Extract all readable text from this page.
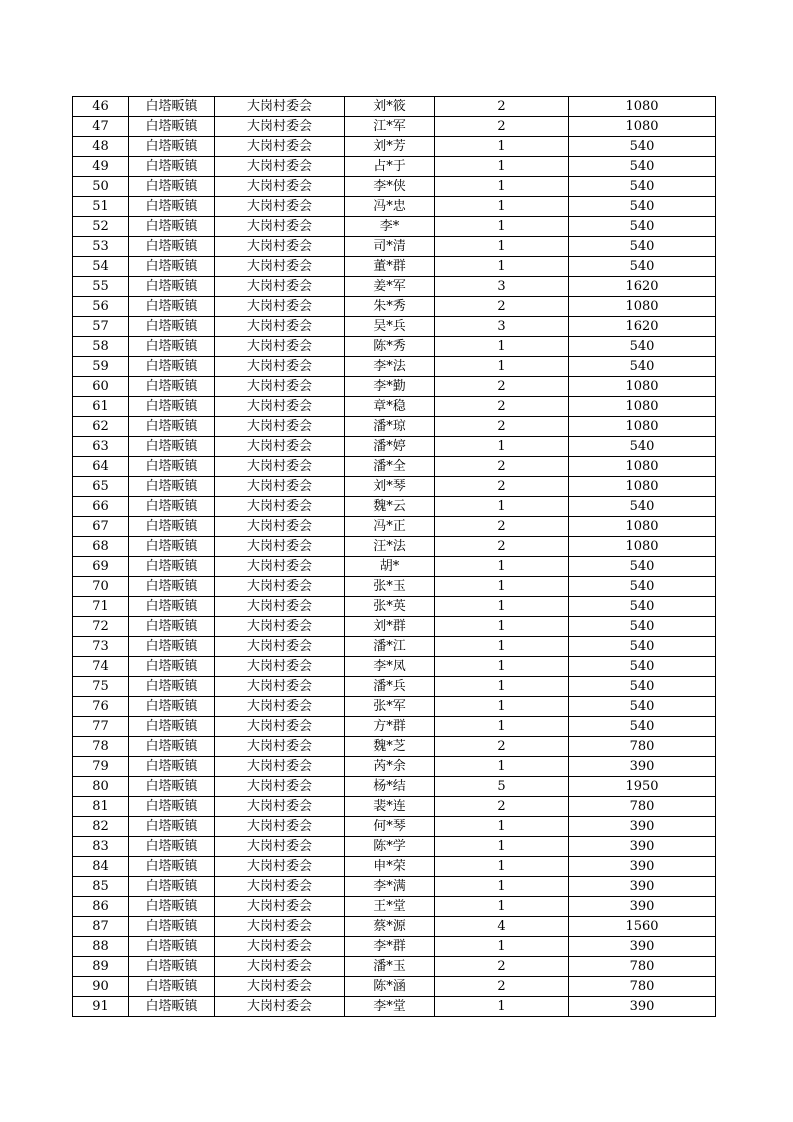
46	白塔畈镇	大岗村委会	刘*筱	2	1080
47	白塔畈镇	大岗村委会	江*军	2	1080
48	白塔畈镇	大岗村委会	刘*芳	1	540
49	白塔畈镇	大岗村委会	占*于	1	540
50	白塔畈镇	大岗村委会	李*侠	1	540
51	白塔畈镇	大岗村委会	冯*忠	1	540
52	白塔畈镇	大岗村委会	李*	1	540
53	白塔畈镇	大岗村委会	司*清	1	540
54	白塔畈镇	大岗村委会	董*群	1	540
55	白塔畈镇	大岗村委会	姜*军	3	1620
56	白塔畈镇	大岗村委会	朱*秀	2	1080
57	白塔畈镇	大岗村委会	吴*兵	3	1620
58	白塔畈镇	大岗村委会	陈*秀	1	540
59	白塔畈镇	大岗村委会	李*法	1	540
60	白塔畈镇	大岗村委会	李*勤	2	1080
61	白塔畈镇	大岗村委会	章*稳	2	1080
62	白塔畈镇	大岗村委会	潘*琼	2	1080
63	白塔畈镇	大岗村委会	潘*婷	1	540
64	白塔畈镇	大岗村委会	潘*全	2	1080
65	白塔畈镇	大岗村委会	刘*琴	2	1080
66	白塔畈镇	大岗村委会	魏*云	1	540
67	白塔畈镇	大岗村委会	冯*正	2	1080
68	白塔畈镇	大岗村委会	汪*法	2	1080
69	白塔畈镇	大岗村委会	胡*	1	540
70	白塔畈镇	大岗村委会	张*玉	1	540
71	白塔畈镇	大岗村委会	张*英	1	540
72	白塔畈镇	大岗村委会	刘*群	1	540
73	白塔畈镇	大岗村委会	潘*江	1	540
74	白塔畈镇	大岗村委会	李*凤	1	540
75	白塔畈镇	大岗村委会	潘*兵	1	540
76	白塔畈镇	大岗村委会	张*军	1	540
77	白塔畈镇	大岗村委会	方*群	1	540
78	白塔畈镇	大岗村委会	魏*芝	2	780
79	白塔畈镇	大岗村委会	芮*余	1	390
80	白塔畈镇	大岗村委会	杨*结	5	1950
81	白塔畈镇	大岗村委会	裴*连	2	780
82	白塔畈镇	大岗村委会	何*琴	1	390
83	白塔畈镇	大岗村委会	陈*学	1	390
84	白塔畈镇	大岗村委会	申*荣	1	390
85	白塔畈镇	大岗村委会	李*满	1	390
86	白塔畈镇	大岗村委会	王*堂	1	390
87	白塔畈镇	大岗村委会	蔡*源	4	1560
88	白塔畈镇	大岗村委会	李*群	1	390
89	白塔畈镇	大岗村委会	潘*玉	2	780
90	白塔畈镇	大岗村委会	陈*涵	2	780
91	白塔畈镇	大岗村委会	李*堂	1	390
